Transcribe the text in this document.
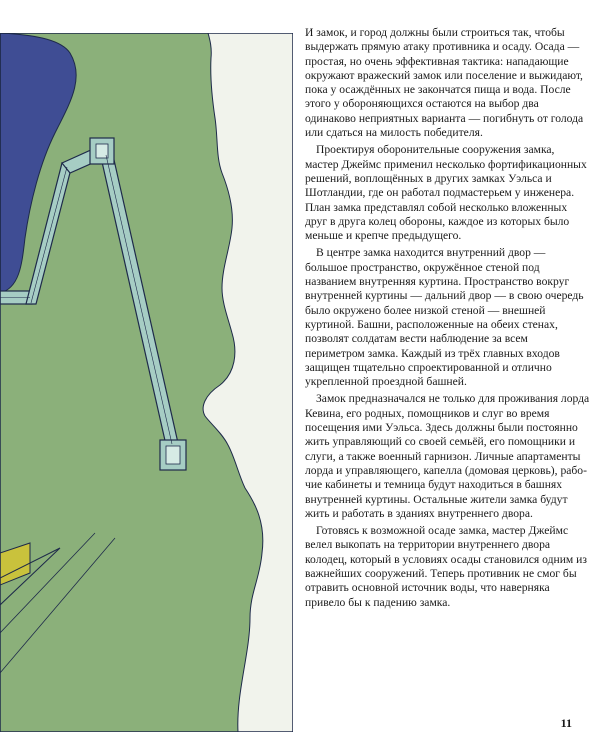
И замок, и город должны были строиться так, чтобы выдержать прямую атаку противника и осаду. Осада — простая, но очень эффективная тактика: нападающие окружают вражеский замок или поселение и выжидают, пока у осаждённых не закончатся пища и вода. После этого у обороняющихся остаются на выбор два одинаково неприятных варианта — погибнуть от голода или сдаться на милость победителя.

Проектируя оборонительные сооружения замка, мастер Джеймс применил несколько фортификационных решений, воплощённых в других замках Уэльса и Шотландии, где он работал подмастерьем у инженера. План замка представлял собой несколько вложенных друг в друга колец обороны, каждое из которых было меньше и крепче предыдущего.

В центре замка находится внутренний двор — большое пространство, окружённое стеной под названием внутренняя куртина. Пространство вокруг внутренней куртины — дальний двор — в свою очередь было окружено более низкой стеной — внешней куртиной. Башни, расположенные на обеих стенах, позволят солдатам вести наблюдение за всем периметром замка. Каждый из трёх главных входов защищен тщательно спроектированной и отлично укрепленной проездной башней.

Замок предназначался не только для проживания лорда Кевина, его родных, помощников и слуг во время посещения ими Уэльса. Здесь должны были постоянно жить управляющий со своей семьёй, его помощники и слуги, а также военный гарнизон. Личные апартаменты лорда и управляющего, капелла (домовая церковь), рабочие кабинеты и темница будут находиться в башнях внутренней куртины. Остальные жители замка будут жить и работать в зданиях внутреннего двора.

Готовясь к возможной осаде замка, мастер Джеймс велел выкопать на территории внутреннего двора колодец, который в условиях осады становился одним из важнейших сооружений. Теперь противник не смог бы отравить основной источник воды, что наверняка привело бы к падению замка.

11
